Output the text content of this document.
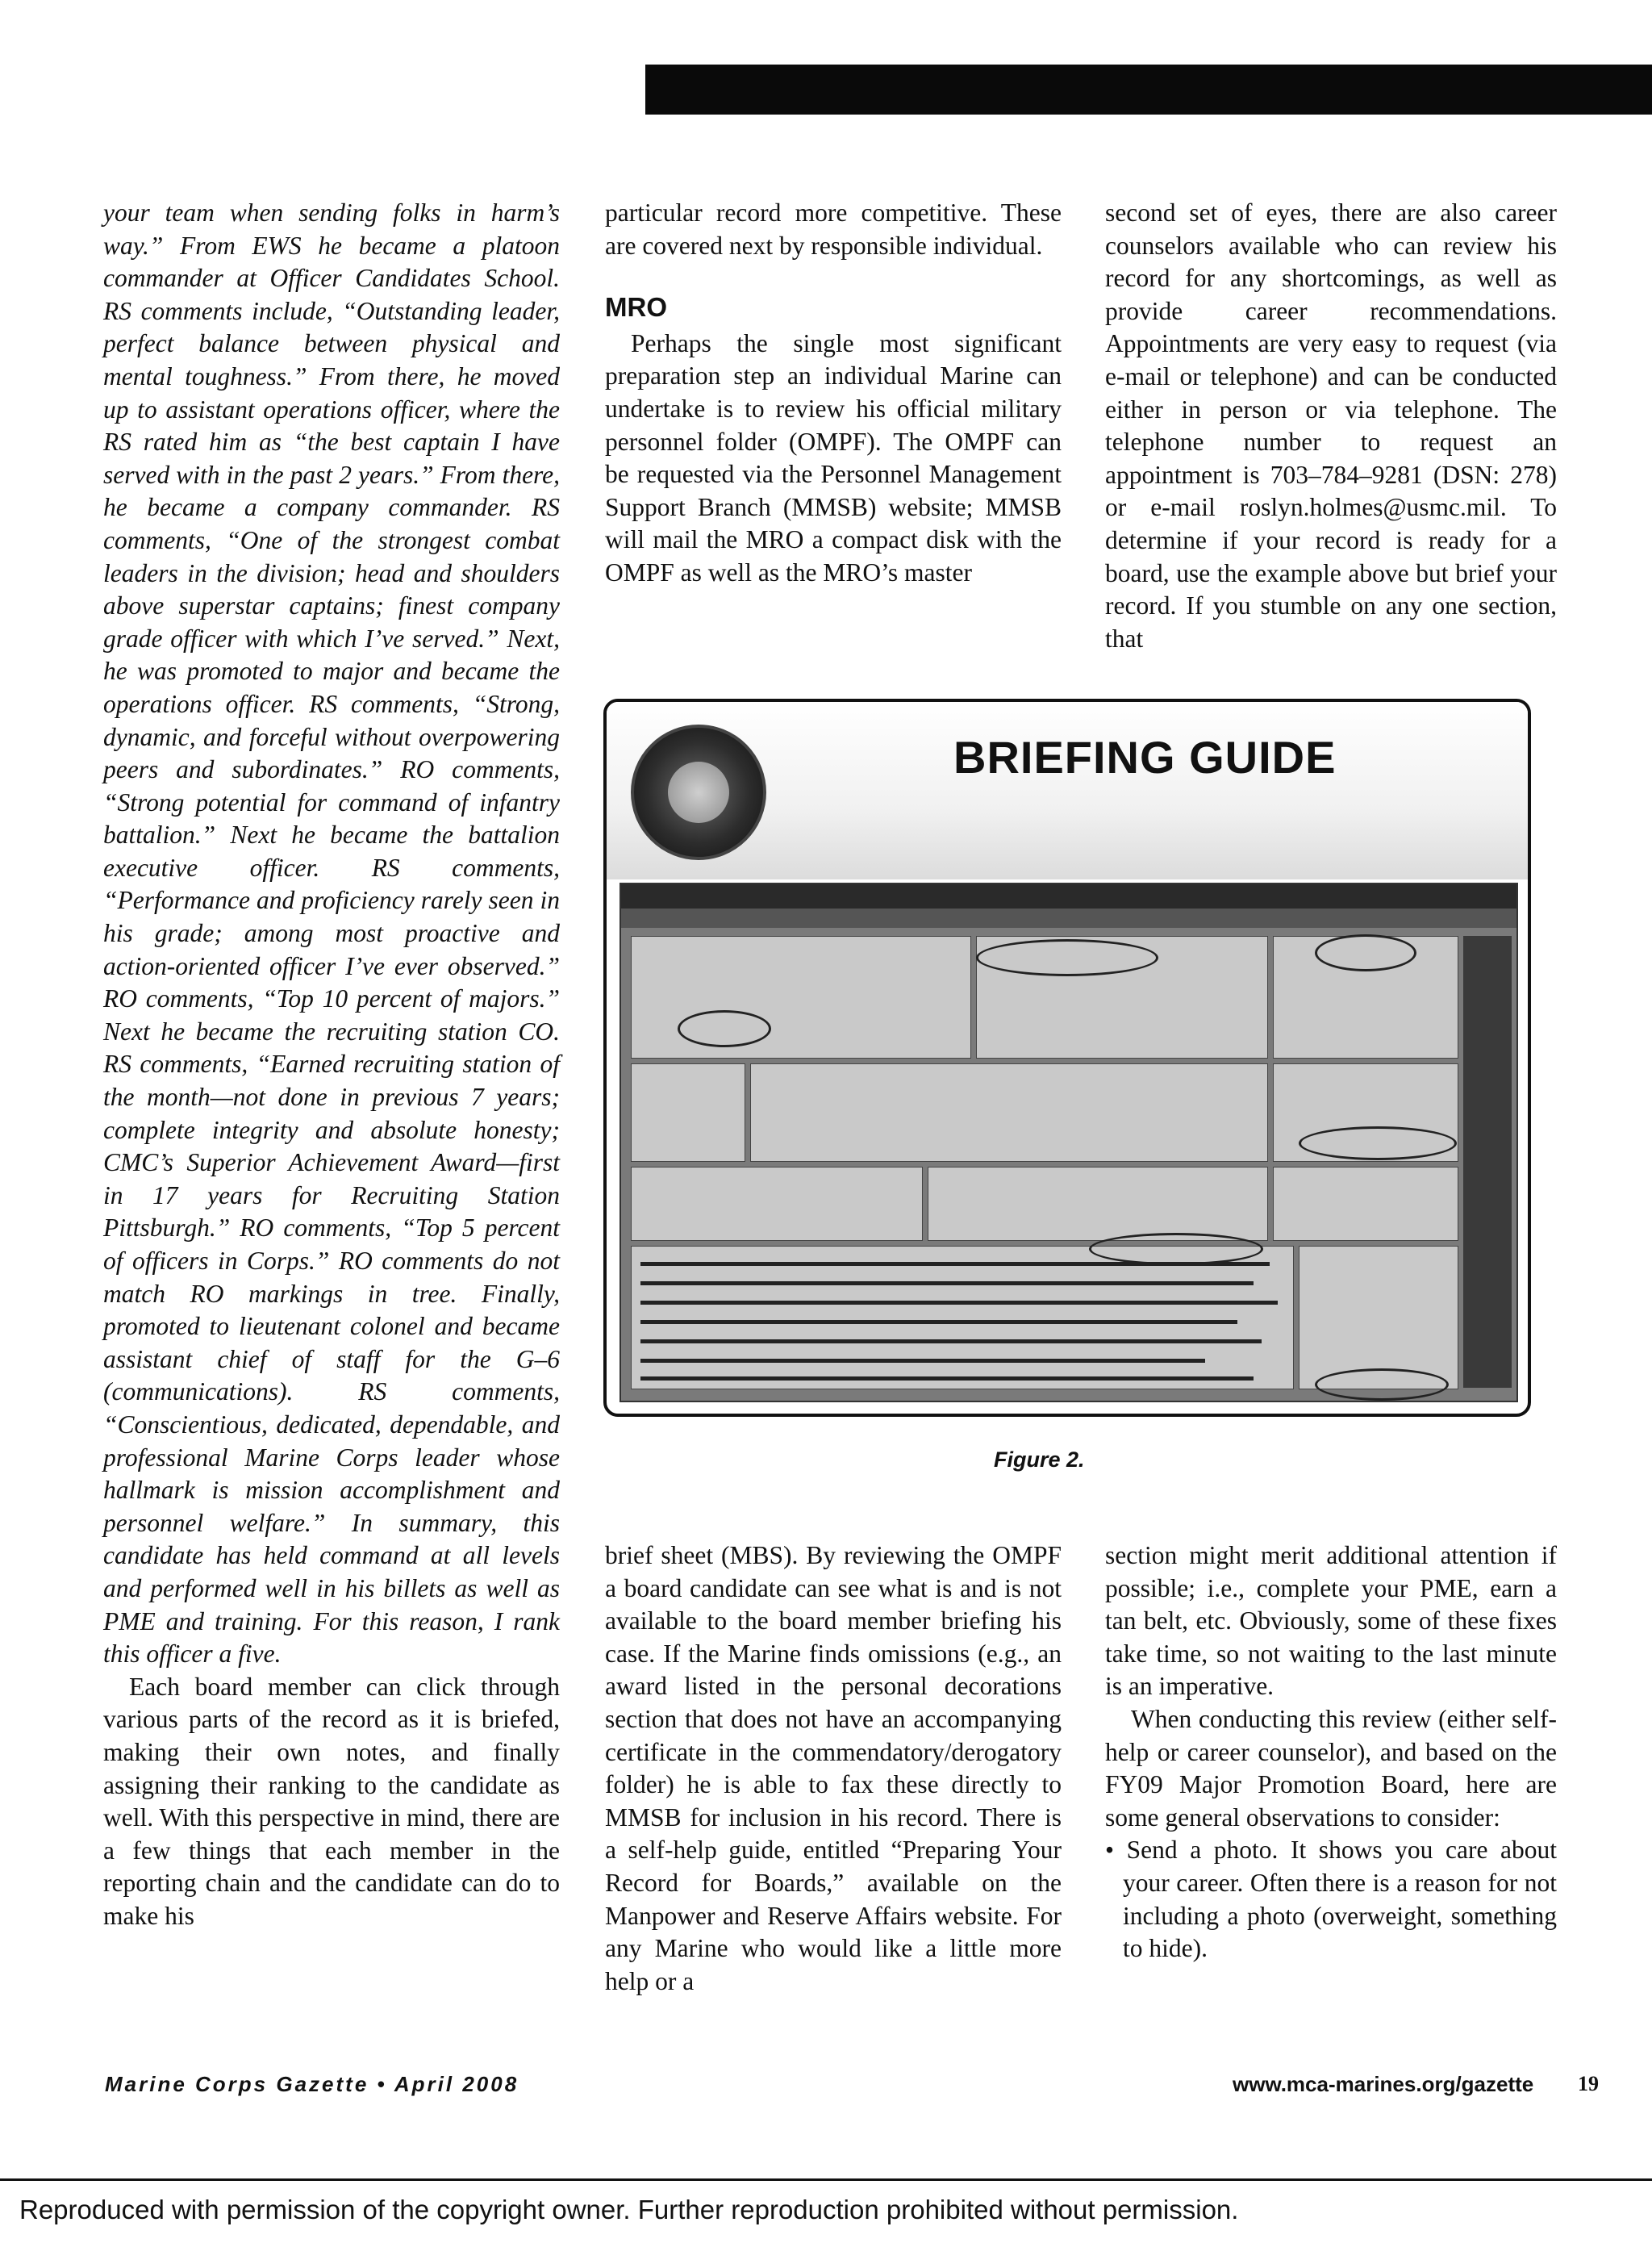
your team when sending folks in harm’s way.” From EWS he became a platoon commander at Officer Candidates School. RS comments include, “Outstanding leader, perfect balance between physical and mental toughness.” From there, he moved up to assistant operations officer, where the RS rated him as “the best captain I have served with in the past 2 years.” From there, he became a company commander. RS comments, “One of the strongest combat leaders in the division; head and shoulders above superstar captains; finest company grade officer with which I’ve served.” Next, he was promoted to major and became the operations officer. RS comments, “Strong, dynamic, and forceful without overpowering peers and subordinates.” RO comments, “Strong potential for command of infantry battalion.” Next he became the battalion executive officer. RS comments, “Performance and proficiency rarely seen in his grade; among most proactive and action-oriented officer I’ve ever observed.” RO comments, “Top 10 percent of majors.” Next he became the recruiting station CO. RS comments, “Earned recruiting station of the month—not done in previous 7 years; complete integrity and absolute honesty; CMC’s Superior Achievement Award—first in 17 years for Recruiting Station Pittsburgh.” RO comments, “Top 5 percent of officers in Corps.” RO comments do not match RO markings in tree. Finally, promoted to lieutenant colonel and became assistant chief of staff for the G–6 (communications). RS comments, “Conscientious, dedicated, dependable, and professional Marine Corps leader whose hallmark is mission accomplishment and personnel welfare.” In summary, this candidate has held command at all levels and performed well in his billets as well as PME and training. For this reason, I rank this officer a five.

Each board member can click through various parts of the record as it is briefed, making their own notes, and finally assigning their ranking to the candidate as well. With this perspective in mind, there are a few things that each member in the reporting chain and the candidate can do to make his

particular record more competitive. These are covered next by responsible individual.

MRO

Perhaps the single most significant preparation step an individual Marine can undertake is to review his official military personnel folder (OMPF). The OMPF can be requested via the Personnel Management Support Branch (MMSB) website; MMSB will mail the MRO a compact disk with the OMPF as well as the MRO’s master

second set of eyes, there are also career counselors available who can review his record for any shortcomings, as well as provide career recommendations. Appointments are very easy to request (via e-mail or telephone) and can be conducted either in person or via telephone. The telephone number to request an appointment is 703–784–9281 (DSN: 278) or e-mail roslyn.holmes@usmc.mil. To determine if your record is ready for a board, use the example above but brief your record. If you stumble on any one section, that

BRIEFING GUIDE
Figure 2.

brief sheet (MBS). By reviewing the OMPF a board candidate can see what is and is not available to the board member briefing his case. If the Marine finds omissions (e.g., an award listed in the personal decorations section that does not have an accompanying certificate in the commendatory/derogatory folder) he is able to fax these directly to MMSB for inclusion in his record. There is a self-help guide, entitled “Preparing Your Record for Boards,” available on the Manpower and Reserve Affairs website. For any Marine who would like a little more help or a

section might merit additional attention if possible; i.e., complete your PME, earn a tan belt, etc. Obviously, some of these fixes take time, so not waiting to the last minute is an imperative.

When conducting this review (either self-help or career counselor), and based on the FY09 Major Promotion Board, here are some general observations to consider:

• Send a photo. It shows you care about your career. Often there is a reason for not including a photo (overweight, something to hide).

Marine Corps Gazette • April 2008	www.mca-marines.org/gazette 19
Reproduced with permission of the copyright owner. Further reproduction prohibited without permission.
